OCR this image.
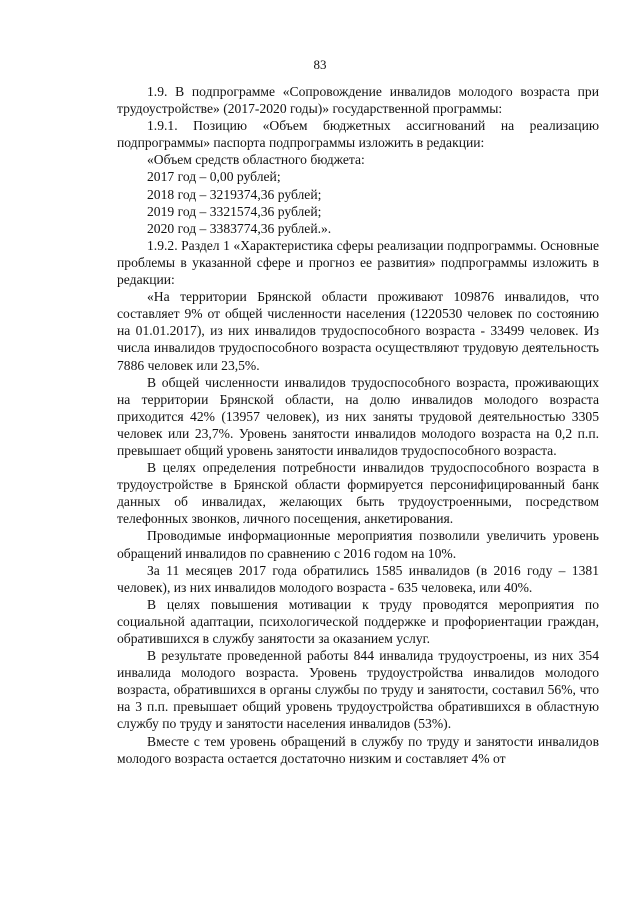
83

1.9. В подпрограмме «Сопровождение инвалидов молодого возраста при трудоустройстве» (2017-2020 годы)» государственной программы:

1.9.1. Позицию «Объем бюджетных ассигнований на реализацию подпрограммы» паспорта подпрограммы изложить в редакции:

«Объем средств областного бюджета:

2017 год – 0,00 рублей;

2018 год – 3219374,36 рублей;

2019 год – 3321574,36 рублей;

2020 год – 3383774,36 рублей.».

1.9.2. Раздел 1 «Характеристика сферы реализации подпрограммы. Основные проблемы в указанной сфере и прогноз ее развития» подпрограммы изложить в редакции:

«На территории Брянской области проживают 109876 инвалидов, что составляет 9% от общей численности населения (1220530 человек по состоянию на 01.01.2017), из них инвалидов трудоспособного возраста - 33499 человек. Из числа инвалидов трудоспособного возраста осуществляют трудовую деятельность 7886 человек или 23,5%.

В общей численности инвалидов трудоспособного возраста, проживающих на территории Брянской области, на долю инвалидов молодого возраста приходится 42% (13957 человек), из них заняты трудовой деятельностью 3305 человек или 23,7%. Уровень занятости инвалидов молодого возраста на 0,2 п.п. превышает общий уровень занятости инвалидов трудоспособного возраста.

В целях определения потребности инвалидов трудоспособного возраста в трудоустройстве в Брянской области формируется персонифицированный банк данных об инвалидах, желающих быть трудоустроенными, посредством телефонных звонков, личного посещения, анкетирования.

Проводимые информационные мероприятия позволили увеличить уровень обращений инвалидов по сравнению с 2016 годом на 10%.

За 11 месяцев 2017 года обратились 1585 инвалидов (в 2016 году – 1381 человек), из них инвалидов молодого возраста - 635 человека, или 40%.

В целях повышения мотивации к труду проводятся мероприятия по социальной адаптации, психологической поддержке и профориентации граждан, обратившихся в службу занятости за оказанием услуг.

В результате проведенной работы 844 инвалида трудоустроены, из них 354 инвалида молодого возраста. Уровень трудоустройства инвалидов молодого возраста, обратившихся в органы службы по труду и занятости, составил 56%, что на 3 п.п. превышает общий уровень трудоустройства обратившихся в областную службу по труду и занятости населения инвалидов (53%).

Вместе с тем уровень обращений в службу по труду и занятости инвалидов молодого возраста остается достаточно низким и составляет 4% от
